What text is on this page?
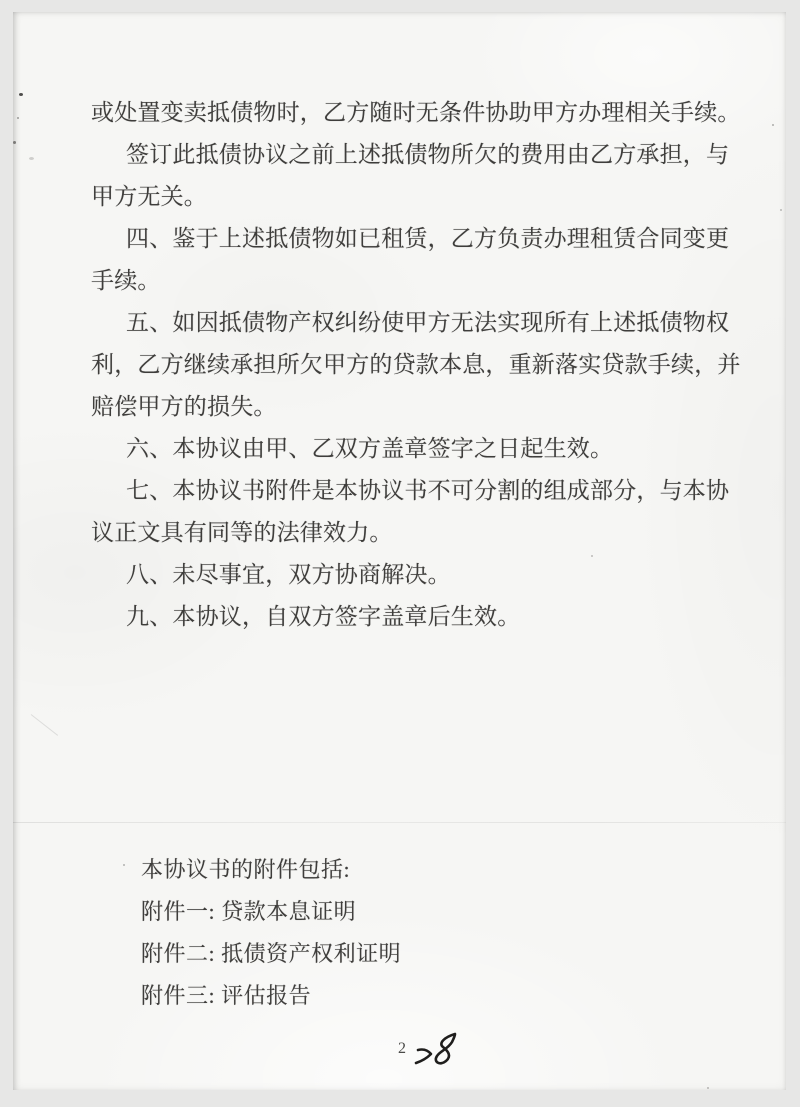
或处置变卖抵债物时，乙方随时无条件协助甲方办理相关手续。
签订此抵债协议之前上述抵债物所欠的费用由乙方承担，与
甲方无关。
四、鉴于上述抵债物如已租赁，乙方负责办理租赁合同变更
手续。
五、如因抵债物产权纠纷使甲方无法实现所有上述抵债物权
利，乙方继续承担所欠甲方的贷款本息，重新落实贷款手续，并
赔偿甲方的损失。
六、本协议由甲、乙双方盖章签字之日起生效。
七、本协议书附件是本协议书不可分割的组成部分，与本协
议正文具有同等的法律效力。
八、未尽事宜，双方协商解决。
九、本协议，自双方签字盖章后生效。
本协议书的附件包括:
附件一: 贷款本息证明
附件二: 抵债资产权利证明
附件三: 评估报告
2
